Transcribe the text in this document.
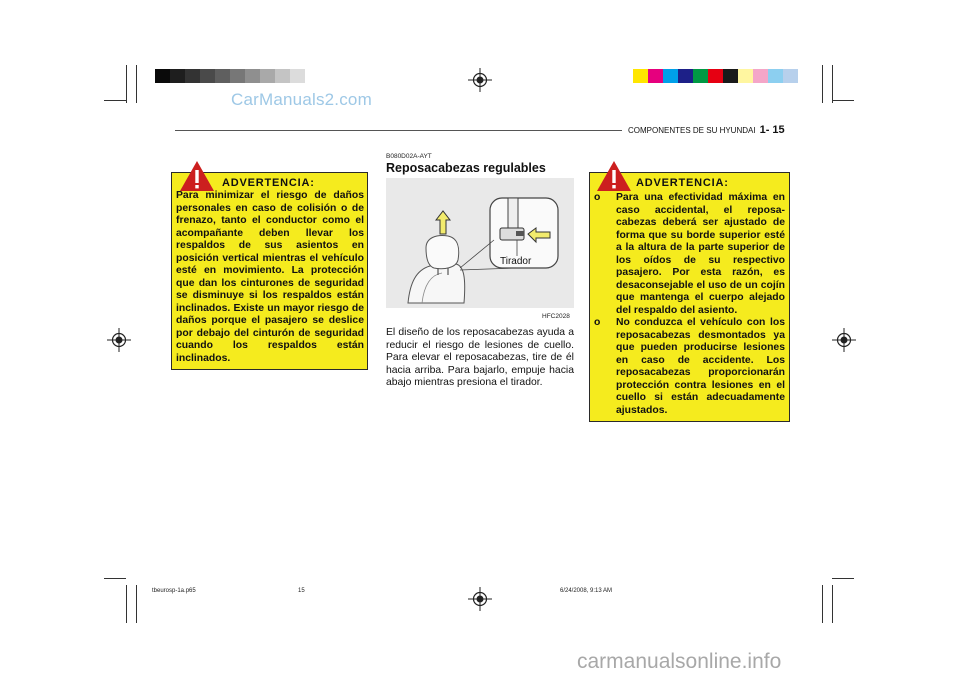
CarManuals2.com
COMPONENTES DE SU HYUNDAI 1- 15
ADVERTENCIA:
Para minimizar el riesgo de daños personales en caso de colisión o de frenazo, tanto el conductor como el acompañante deben llevar los respaldos de sus asientos en posición vertical mientras el vehículo esté en movimiento. La protección que dan los cinturones de seguridad se disminuye si los respaldos están inclinados. Existe un mayor riesgo de daños porque el pasajero se deslice por debajo del cinturón de seguridad cuando los respaldos están inclinados.
B080D02A-AYT
Reposacabezas regulables
Tirador
HFC2028
El diseño de los reposacabezas ayuda a reducir el riesgo de lesiones de cuello. Para elevar el reposacabezas, tire de él hacia arriba. Para bajarlo, empuje hacia abajo mientras presiona el tirador.
ADVERTENCIA:
o Para una efectividad máxima en caso accidental, el reposa-cabezas deberá ser ajustado de forma que su borde superior esté a la altura de la parte superior de los oídos de su respectivo pasajero. Por esta razón, es desaconsejable el uso de un cojín que mantenga el cuerpo alejado del respaldo del asiento.
o No conduzca el vehículo con los reposacabezas desmontados ya que pueden producirse lesiones en caso de accidente. Los reposacabezas proporcionarán protección contra lesiones en el cuello si están adecuadamente ajustados.
tbeurosp-1a.p65	15	6/24/2008, 9:13 AM
carmanualsonline.info
